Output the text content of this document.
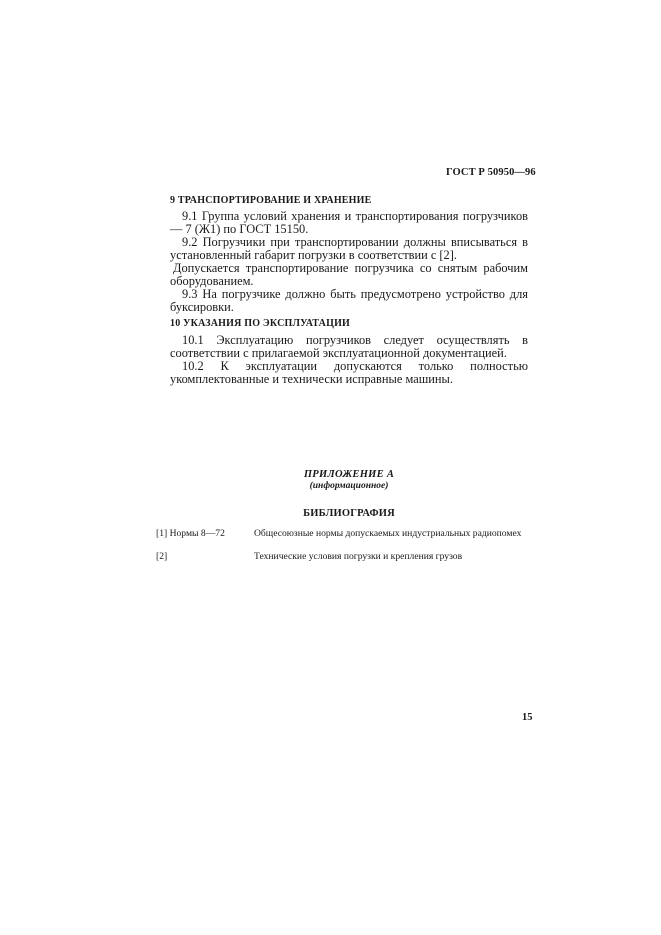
ГОСТ Р 50950—96
9 ТРАНСПОРТИРОВАНИЕ И ХРАНЕНИЕ
9.1 Группа условий хранения и транспортирования погрузчиков — 7 (Ж1) по ГОСТ 15150.
9.2 Погрузчики при транспортировании должны вписываться в установленный габарит погрузки в соответствии с [2].
Допускается транспортирование погрузчика со снятым рабочим оборудованием.
9.3 На погрузчике должно быть предусмотрено устройство для буксировки.
10 УКАЗАНИЯ ПО ЭКСПЛУАТАЦИИ
10.1 Эксплуатацию погрузчиков следует осуществлять в соответствии с прилагаемой эксплуатационной документацией.
10.2 К эксплуатации допускаются только полностью укомплектованные и технически исправные машины.
ПРИЛОЖЕНИЕ А
(информационное)
БИБЛИОГРАФИЯ
[1] Нормы 8—72	Общесоюзные нормы допускаемых индустриальных радиопомех
[2]	Технические условия погрузки и крепления грузов
15
